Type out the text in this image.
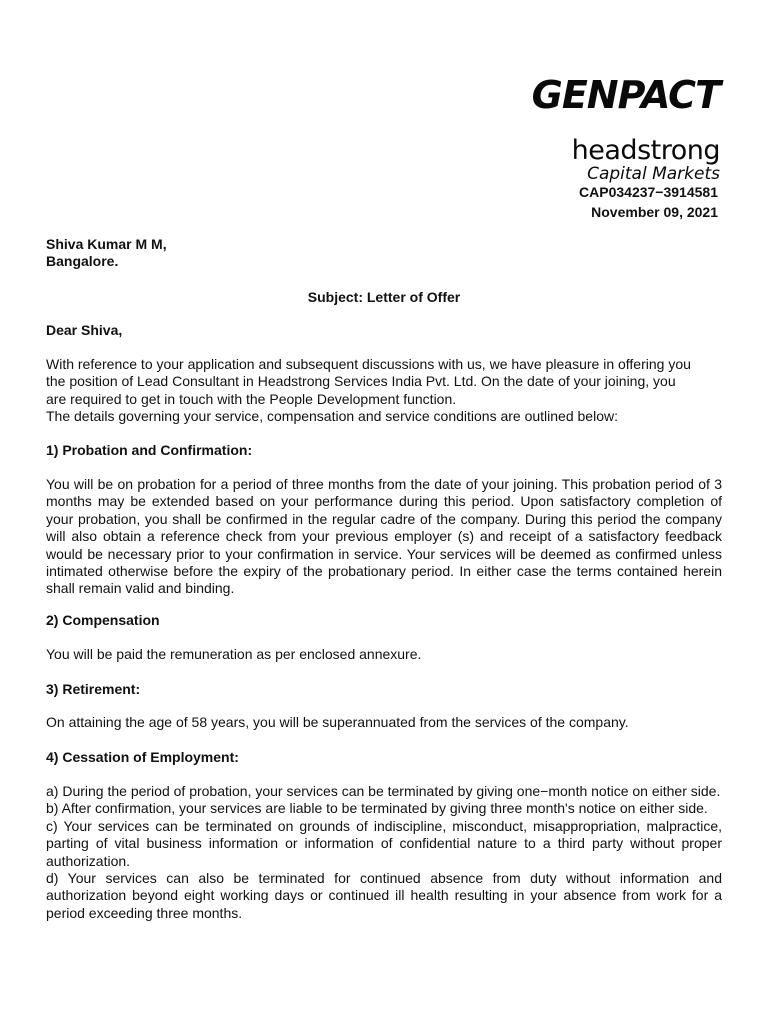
GENPACT
headstrong
Capital Markets
CAP034237−3914581
November 09, 2021
Shiva Kumar M M,
Bangalore.
Subject: Letter of Offer
Dear Shiva,
With reference to your application and subsequent discussions with us, we have pleasure in offering you
the position of Lead Consultant in Headstrong Services India Pvt. Ltd. On the date of your joining, you
are required to get in touch with the People Development function.
The details governing your service, compensation and service conditions are outlined below:
1) Probation and Confirmation:
You will be on probation for a period of three months from the date of your joining. This probation period of 3 months may be extended based on your performance during this period. Upon satisfactory completion of your probation, you shall be confirmed in the regular cadre of the company. During this period the company will also obtain a reference check from your previous employer (s) and receipt of a satisfactory feedback would be necessary prior to your confirmation in service. Your services will be deemed as confirmed unless intimated otherwise before the expiry of the probationary period. In either case the terms contained herein shall remain valid and binding.
2) Compensation
You will be paid the remuneration as per enclosed annexure.
3) Retirement:
On attaining the age of 58 years, you will be superannuated from the services of the company.
4) Cessation of Employment:
a) During the period of probation, your services can be terminated by giving one−month notice on either side.
b) After confirmation, your services are liable to be terminated by giving three month's notice on either side.
c) Your services can be terminated on grounds of indiscipline, misconduct, misappropriation, malpractice, parting of vital business information or information of confidential nature to a third party without proper authorization.
d) Your services can also be terminated for continued absence from duty without information and authorization beyond eight working days or continued ill health resulting in your absence from work for a period exceeding three months.
